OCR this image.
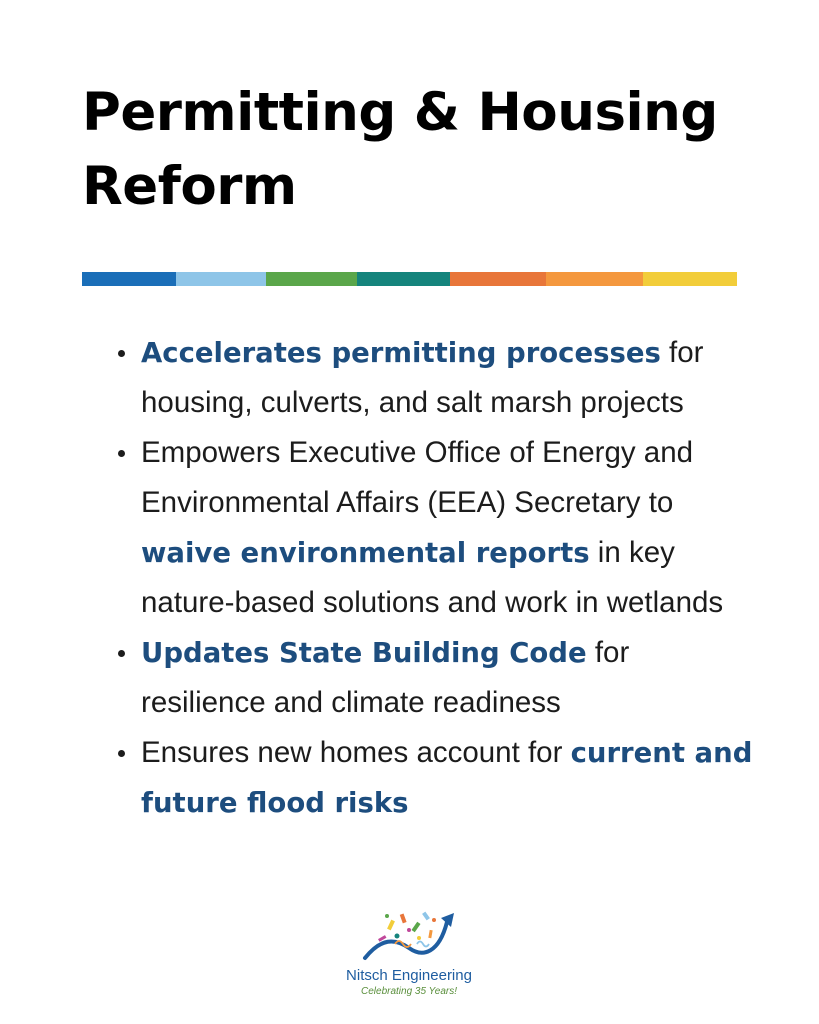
Permitting & Housing Reform
Accelerates permitting processes for housing, culverts, and salt marsh projects
Empowers Executive Office of Energy and Environmental Affairs (EEA) Secretary to waive environmental reports in key nature-based solutions and work in wetlands
Updates State Building Code for resilience and climate readiness
Ensures new homes account for current and future flood risks
Nitsch Engineering
Celebrating 35 Years!
